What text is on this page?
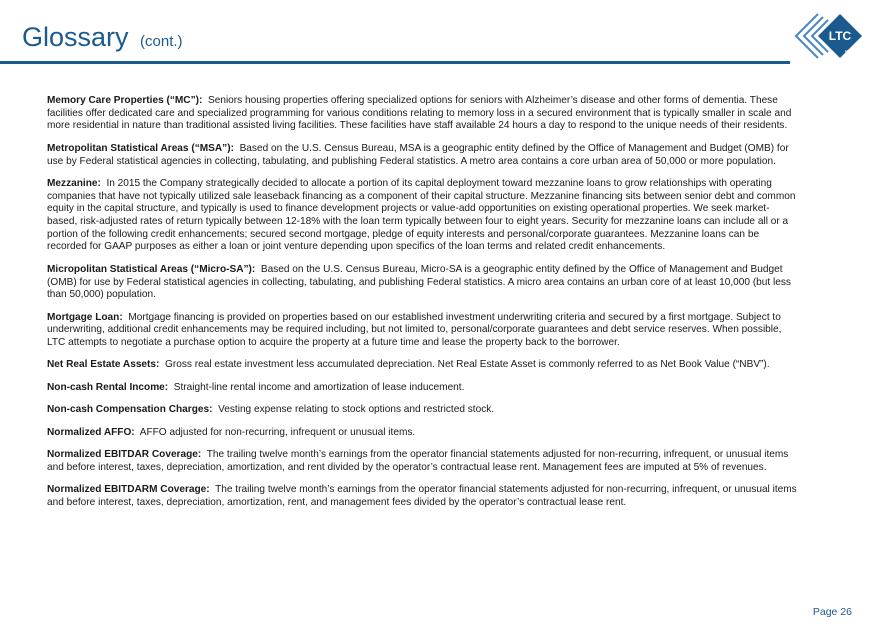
Glossary (cont.)	LTC
REIT

Memory Care Properties (“MC”): Seniors housing properties offering specialized options for seniors with Alzheimer’s disease and other forms of dementia. These facilities offer dedicated care and specialized programming for various conditions relating to memory loss in a secured environment that is typically smaller in scale and more residential in nature than traditional assisted living facilities. These facilities have staff available 24 hours a day to respond to the unique needs of their residents.

Metropolitan Statistical Areas (“MSA”): Based on the U.S. Census Bureau, MSA is a geographic entity defined by the Office of Management and Budget (OMB) for use by Federal statistical agencies in collecting, tabulating, and publishing Federal statistics. A metro area contains a core urban area of 50,000 or more population.

Mezzanine: In 2015 the Company strategically decided to allocate a portion of its capital deployment toward mezzanine loans to grow relationships with operating companies that have not typically utilized sale leaseback financing as a component of their capital structure. Mezzanine financing sits between senior debt and common equity in the capital structure, and typically is used to finance development projects or value-add opportunities on existing operational properties. We seek market-based, risk-adjusted rates of return typically between 12-18% with the loan term typically between four to eight years. Security for mezzanine loans can include all or a portion of the following credit enhancements; secured second mortgage, pledge of equity interests and personal/corporate guarantees. Mezzanine loans can be recorded for GAAP purposes as either a loan or joint venture depending upon specifics of the loan terms and related credit enhancements.

Micropolitan Statistical Areas (“Micro-SA”): Based on the U.S. Census Bureau, Micro-SA is a geographic entity defined by the Office of Management and Budget (OMB) for use by Federal statistical agencies in collecting, tabulating, and publishing Federal statistics. A micro area contains an urban core of at least 10,000 (but less than 50,000) population.

Mortgage Loan: Mortgage financing is provided on properties based on our established investment underwriting criteria and secured by a first mortgage. Subject to underwriting, additional credit enhancements may be required including, but not limited to, personal/corporate guarantees and debt service reserves. When possible, LTC attempts to negotiate a purchase option to acquire the property at a future time and lease the property back to the borrower.

Net Real Estate Assets: Gross real estate investment less accumulated depreciation. Net Real Estate Asset is commonly referred to as Net Book Value (“NBV”).

Non-cash Rental Income: Straight-line rental income and amortization of lease inducement.

Non-cash Compensation Charges: Vesting expense relating to stock options and restricted stock.

Normalized AFFO: AFFO adjusted for non-recurring, infrequent or unusual items.

Normalized EBITDAR Coverage: The trailing twelve month’s earnings from the operator financial statements adjusted for non-recurring, infrequent, or unusual items and before interest, taxes, depreciation, amortization, and rent divided by the operator’s contractual lease rent. Management fees are imputed at 5% of revenues.

Normalized EBITDARM Coverage: The trailing twelve month’s earnings from the operator financial statements adjusted for non-recurring, infrequent, or unusual items and before interest, taxes, depreciation, amortization, rent, and management fees divided by the operator’s contractual lease rent.

Page 26
